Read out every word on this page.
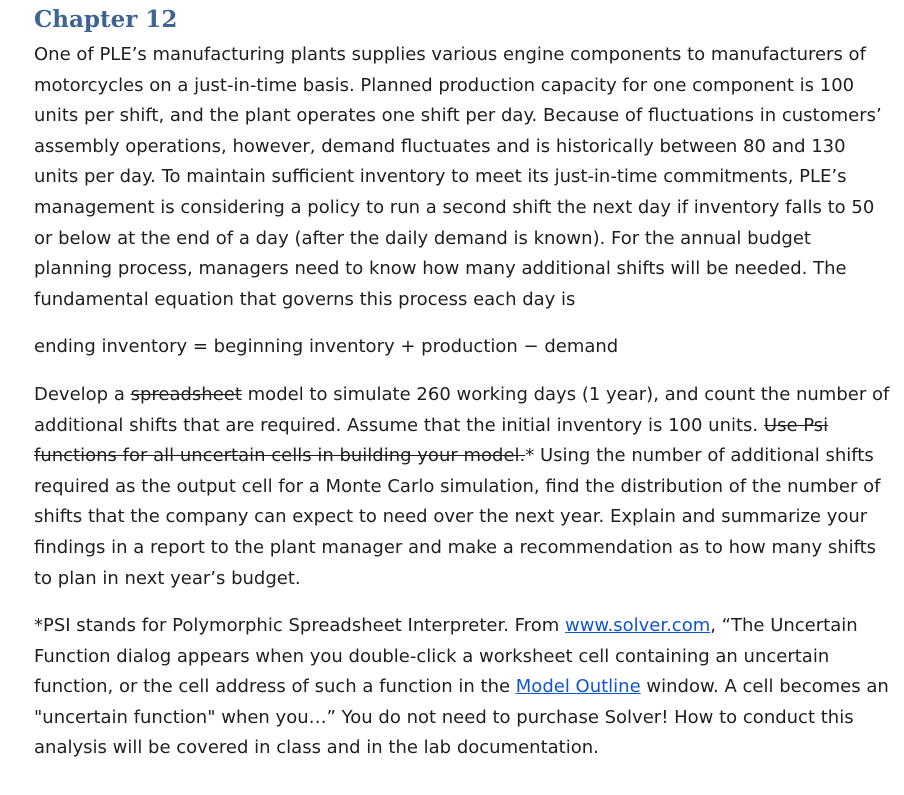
Chapter 12

One of PLE’s manufacturing plants supplies various engine components to manufacturers of motorcycles on a just-in-time basis. Planned production capacity for one component is 100 units per shift, and the plant operates one shift per day. Because of fluctuations in customers’ assembly operations, however, demand fluctuates and is historically between 80 and 130 units per day. To maintain sufficient inventory to meet its just-in-time commitments, PLE’s management is considering a policy to run a second shift the next day if inventory falls to 50 or below at the end of a day (after the daily demand is known). For the annual budget planning process, managers need to know how many additional shifts will be needed. The fundamental equation that governs this process each day is

ending inventory = beginning inventory + production − demand

Develop a spreadsheet model to simulate 260 working days (1 year), and count the number of additional shifts that are required. Assume that the initial inventory is 100 units. Use Psi functions for all uncertain cells in building your model.* Using the number of additional shifts required as the output cell for a Monte Carlo simulation, find the distribution of the number of shifts that the company can expect to need over the next year. Explain and summarize your findings in a report to the plant manager and make a recommendation as to how many shifts to plan in next year’s budget.

*PSI stands for Polymorphic Spreadsheet Interpreter. From www.solver.com, “The Uncertain Function dialog appears when you double-click a worksheet cell containing an uncertain function, or the cell address of such a function in the Model Outline window. A cell becomes an "uncertain function" when you…” You do not need to purchase Solver! How to conduct this analysis will be covered in class and in the lab documentation.
